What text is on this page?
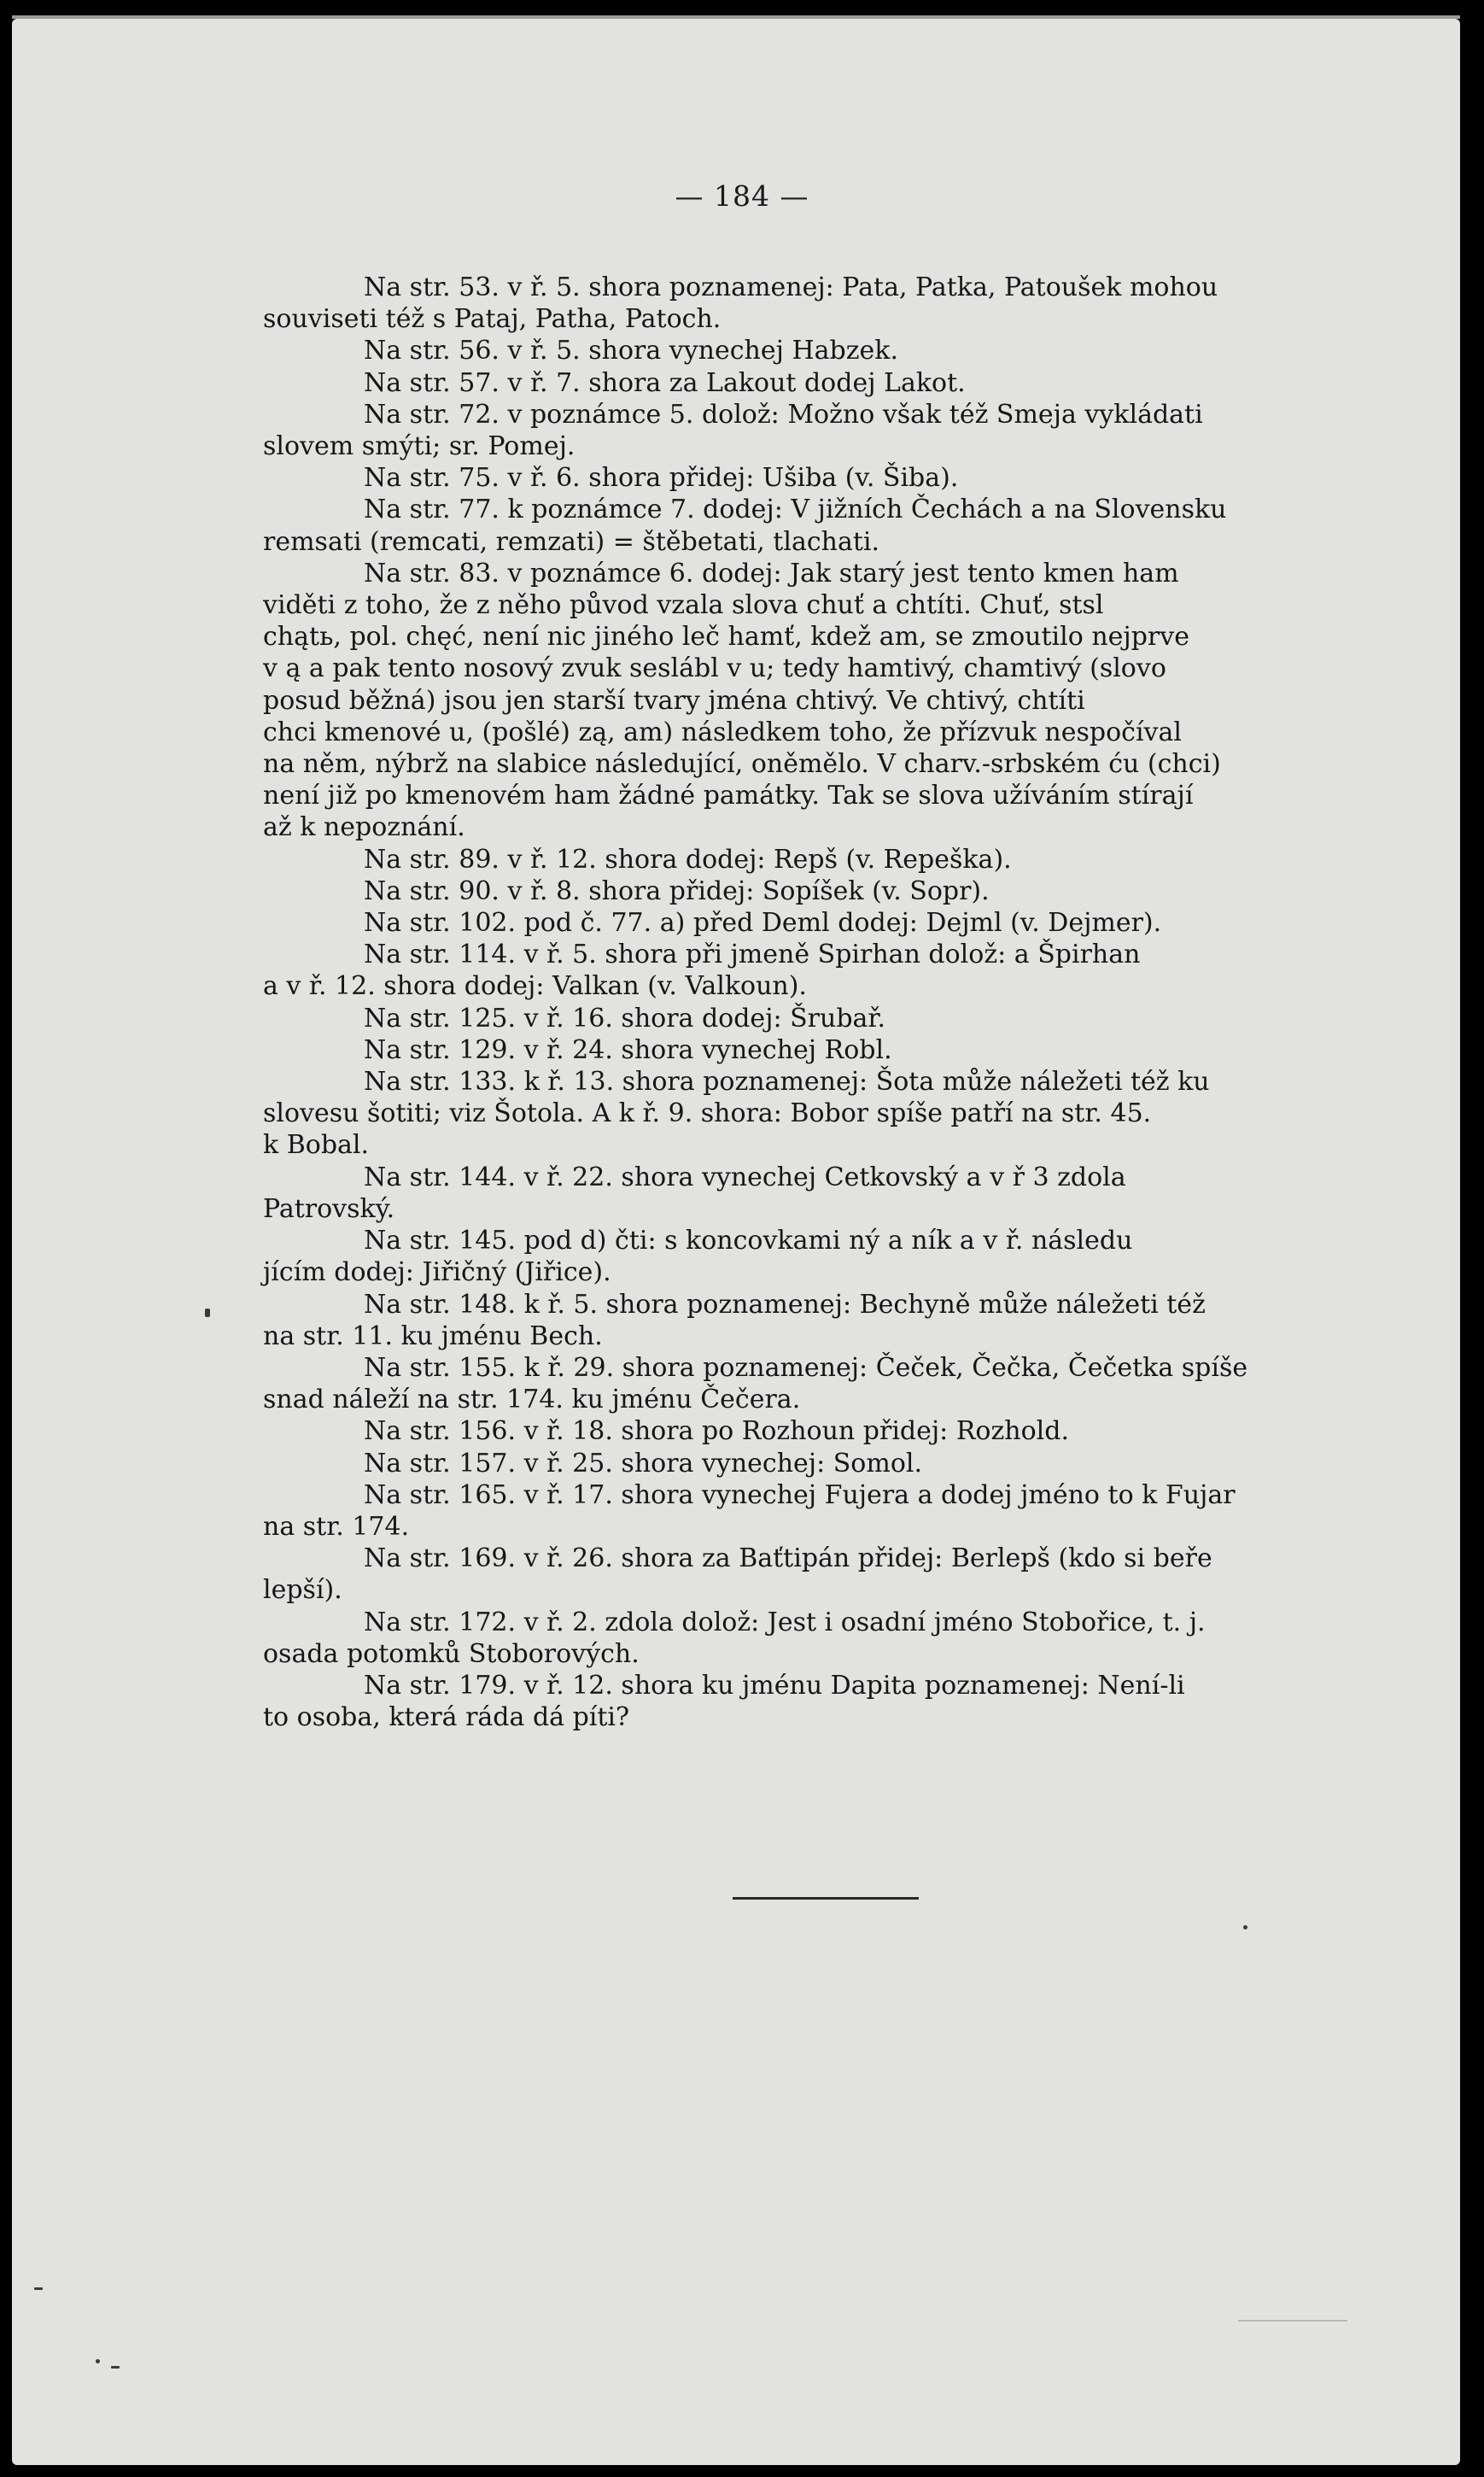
— 184 —
Na str. 53. v ř. 5. shora poznamenej: Pata, Patka, Patoušek mohou
souviseti též s Pataj, Patha, Patoch.
Na str. 56. v ř. 5. shora vynechej Habzek.
Na str. 57. v ř. 7. shora za Lakout dodej Lakot.
Na str. 72. v poznámce 5. dolož: Možno však též Smeja vykládati
slovem smýti; sr. Pomej.
Na str. 75. v ř. 6. shora přidej: Ušiba (v. Šiba).
Na str. 77. k poznámce 7. dodej: V jižních Čechách a na Slovensku
remsati (remcati, remzati) = štěbetati, tlachati.
Na str. 83. v poznámce 6. dodej: Jak starý jest tento kmen ham
viděti z toho, že z něho původ vzala slova chuť a chtíti. Chuť, stsl
chątь, pol. chęć, není nic jiného leč hamť, kdež am, se zmoutilo nejprve
v ą a pak tento nosový zvuk seslábl v u; tedy hamtivý, chamtivý (slovo
posud běžná) jsou jen starší tvary jména chtivý. Ve chtivý, chtíti
chci kmenové u, (pošlé) zą, am) následkem toho, že přízvuk nespočíval
na něm, nýbrž na slabice následující, oněmělo. V charv.-srbském ću (chci)
není již po kmenovém ham žádné památky. Tak se slova užíváním stírají
až k nepoznání.
Na str. 89. v ř. 12. shora dodej: Repš (v. Repeška).
Na str. 90. v ř. 8. shora přidej: Sopíšek (v. Sopr).
Na str. 102. pod č. 77. a) před Deml dodej: Dejml (v. Dejmer).
Na str. 114. v ř. 5. shora při jmeně Spirhan dolož: a Špirhan
a v ř. 12. shora dodej: Valkan (v. Valkoun).
Na str. 125. v ř. 16. shora dodej: Šrubař.
Na str. 129. v ř. 24. shora vynechej Robl.
Na str. 133. k ř. 13. shora poznamenej: Šota může náležeti též ku
slovesu šotiti; viz Šotola. A k ř. 9. shora: Bobor spíše patří na str. 45.
k Bobal.
Na str. 144. v ř. 22. shora vynechej Cetkovský a v ř 3 zdola
Patrovský.
Na str. 145. pod d) čti: s koncovkami ný a ník a v ř. následu
jícím dodej: Jiřičný (Jiřice).
Na str. 148. k ř. 5. shora poznamenej: Bechyně může náležeti též
na str. 11. ku jménu Bech.
Na str. 155. k ř. 29. shora poznamenej: Čeček, Čečka, Čečetka spíše
snad náleží na str. 174. ku jménu Čečera.
Na str. 156. v ř. 18. shora po Rozhoun přidej: Rozhold.
Na str. 157. v ř. 25. shora vynechej: Somol.
Na str. 165. v ř. 17. shora vynechej Fujera a dodej jméno to k Fujar
na str. 174.
Na str. 169. v ř. 26. shora za Baťtipán přidej: Berlepš (kdo si beře
lepší).
Na str. 172. v ř. 2. zdola dolož: Jest i osadní jméno Stobořice, t. j.
osada potomků Stoborových.
Na str. 179. v ř. 12. shora ku jménu Dapita poznamenej: Není-li
to osoba, která ráda dá píti?
